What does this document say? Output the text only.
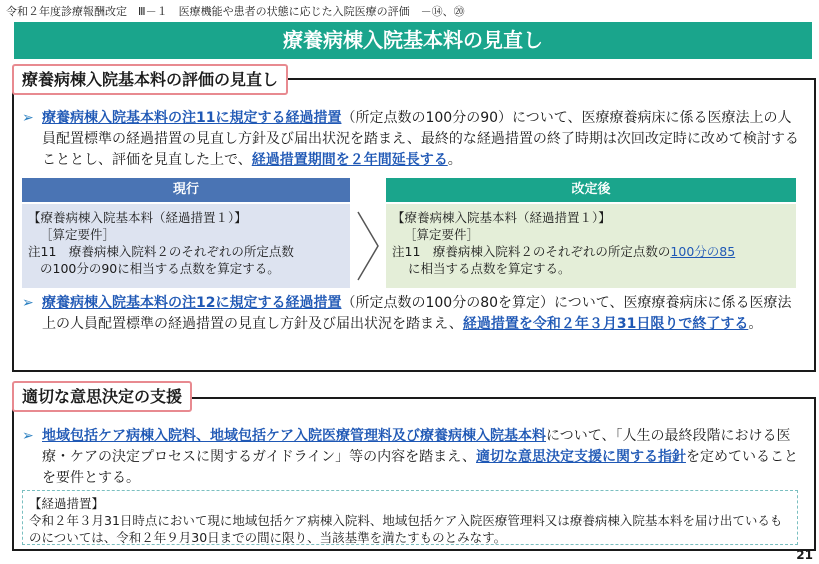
令和２年度診療報酬改定　Ⅲ－１　医療機能や患者の状態に応じた入院医療の評価　－⑭、⑳
療養病棟入院基本料の見直し
療養病棟入院基本料の評価の見直し
➢ 療養病棟入院基本料の注11に規定する経過措置（所定点数の100分の90）について、医療療養病床に係る医療法上の人員配置標準の経過措置の見直し方針及び届出状況を踏まえ、最終的な経過措置の終了時期は次回改定時に改めて検討することとし、評価を見直した上で、経過措置期間を２年間延長する。
現行	改定後
【療養病棟入院基本料（経過措置１）】
［算定要件］
注11　療養病棟入院料２のそれぞれの所定点数
の100分の90に相当する点数を算定する。
【療養病棟入院基本料（経過措置１）】
［算定要件］
注11　療養病棟入院料２のそれぞれの所定点数の100分の85
に相当する点数を算定する。
➢ 療養病棟入院基本料の注12に規定する経過措置（所定点数の100分の80を算定）について、医療療養病床に係る医療法上の人員配置標準の経過措置の見直し方針及び届出状況を踏まえ、経過措置を令和２年３月31日限りで終了する。
適切な意思決定の支援
➢ 地域包括ケア病棟入院料、地域包括ケア入院医療管理料及び療養病棟入院基本料について、「人生の最終段階における医療・ケアの決定プロセスに関するガイドライン」等の内容を踏まえ、適切な意思決定支援に関する指針を定めていることを要件とする。
【経過措置】
令和２年３月31日時点において現に地域包括ケア病棟入院料、地域包括ケア入院医療管理料又は療養病棟入院基本料を届け出ているものについては、令和２年９月30日までの間に限り、当該基準を満たすものとみなす。
21
